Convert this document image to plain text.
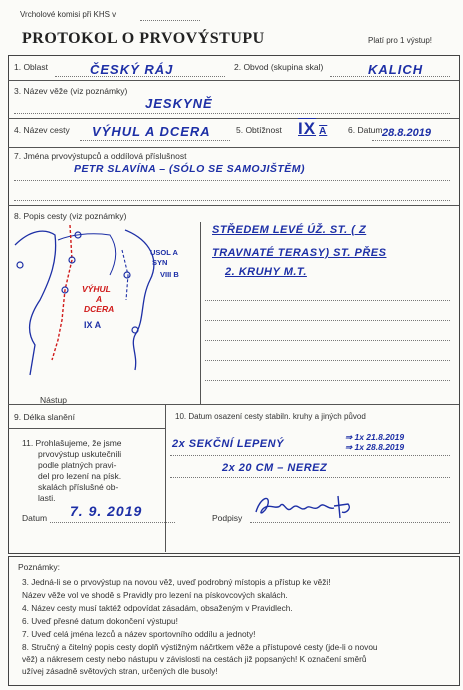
Vrcholové komisi při KHS v
PROTOKOL O PRVOVÝSTUPU	Platí pro 1 výstup!
1. Oblast	ČESKÝ RÁJ	2. Obvod (skupina skal)	KALICH
3. Název věže (viz poznámky)
JESKYNĚ
4. Název cesty VÝHUL A DCERA	5. Obtížnost IX A 6. Datum 28.8.2019
7. Jména prvovýstupců a oddílová příslušnost
PETR SLAVÍNA – (SÓLO SE SAMOJIŠTĚM)
8. Popis cesty (viz poznámky)
VÝHUL
A
DCERA
IX A
USOL A
SYN
VIII B
Nástup
STŘEDEM LEVÉ ÚŽ. ST. ( Z
TRAVNATÉ TERASY) ST. PŘES
2. KRUHY M.T.
9. Délka slanění	10. Datum osazení cesty stabiln. kruhy a jiných původ
2x SEKČNÍ LEPENÝ
⇒ 1x 21.8.2019
⇒ 1x 28.8.2019
2x 20 CM – NEREZ
11. Prohlašujeme, že jsme
prvovýstup uskutečnili
podle platných pravi-
del pro lezení na písk.
skalách příslušné ob-
lasti.
Datum 7. 9. 2019	Podpisy
Poznámky:
3. Jedná-li se o prvovýstup na novou věž, uveď podrobný místopis a přístup ke věži!
Název věže vol ve shodě s Pravidly pro lezení na pískovcových skalách.
4. Název cesty musí taktéž odpovídat zásadám, obsaženým v Pravidlech.
6. Uveď přesné datum dokončení výstupu!
7. Uveď celá jména lezců a název sportovního oddílu a jednoty!
8. Stručný a čitelný popis cesty doplň výstižným náčrtkem věže a přístupové cesty (jde-li o novou
věž) a nákresem cesty nebo nástupu v závislosti na cestách již popsaných! K označení směrů
užívej zásadně světových stran, určených dle busoly!
